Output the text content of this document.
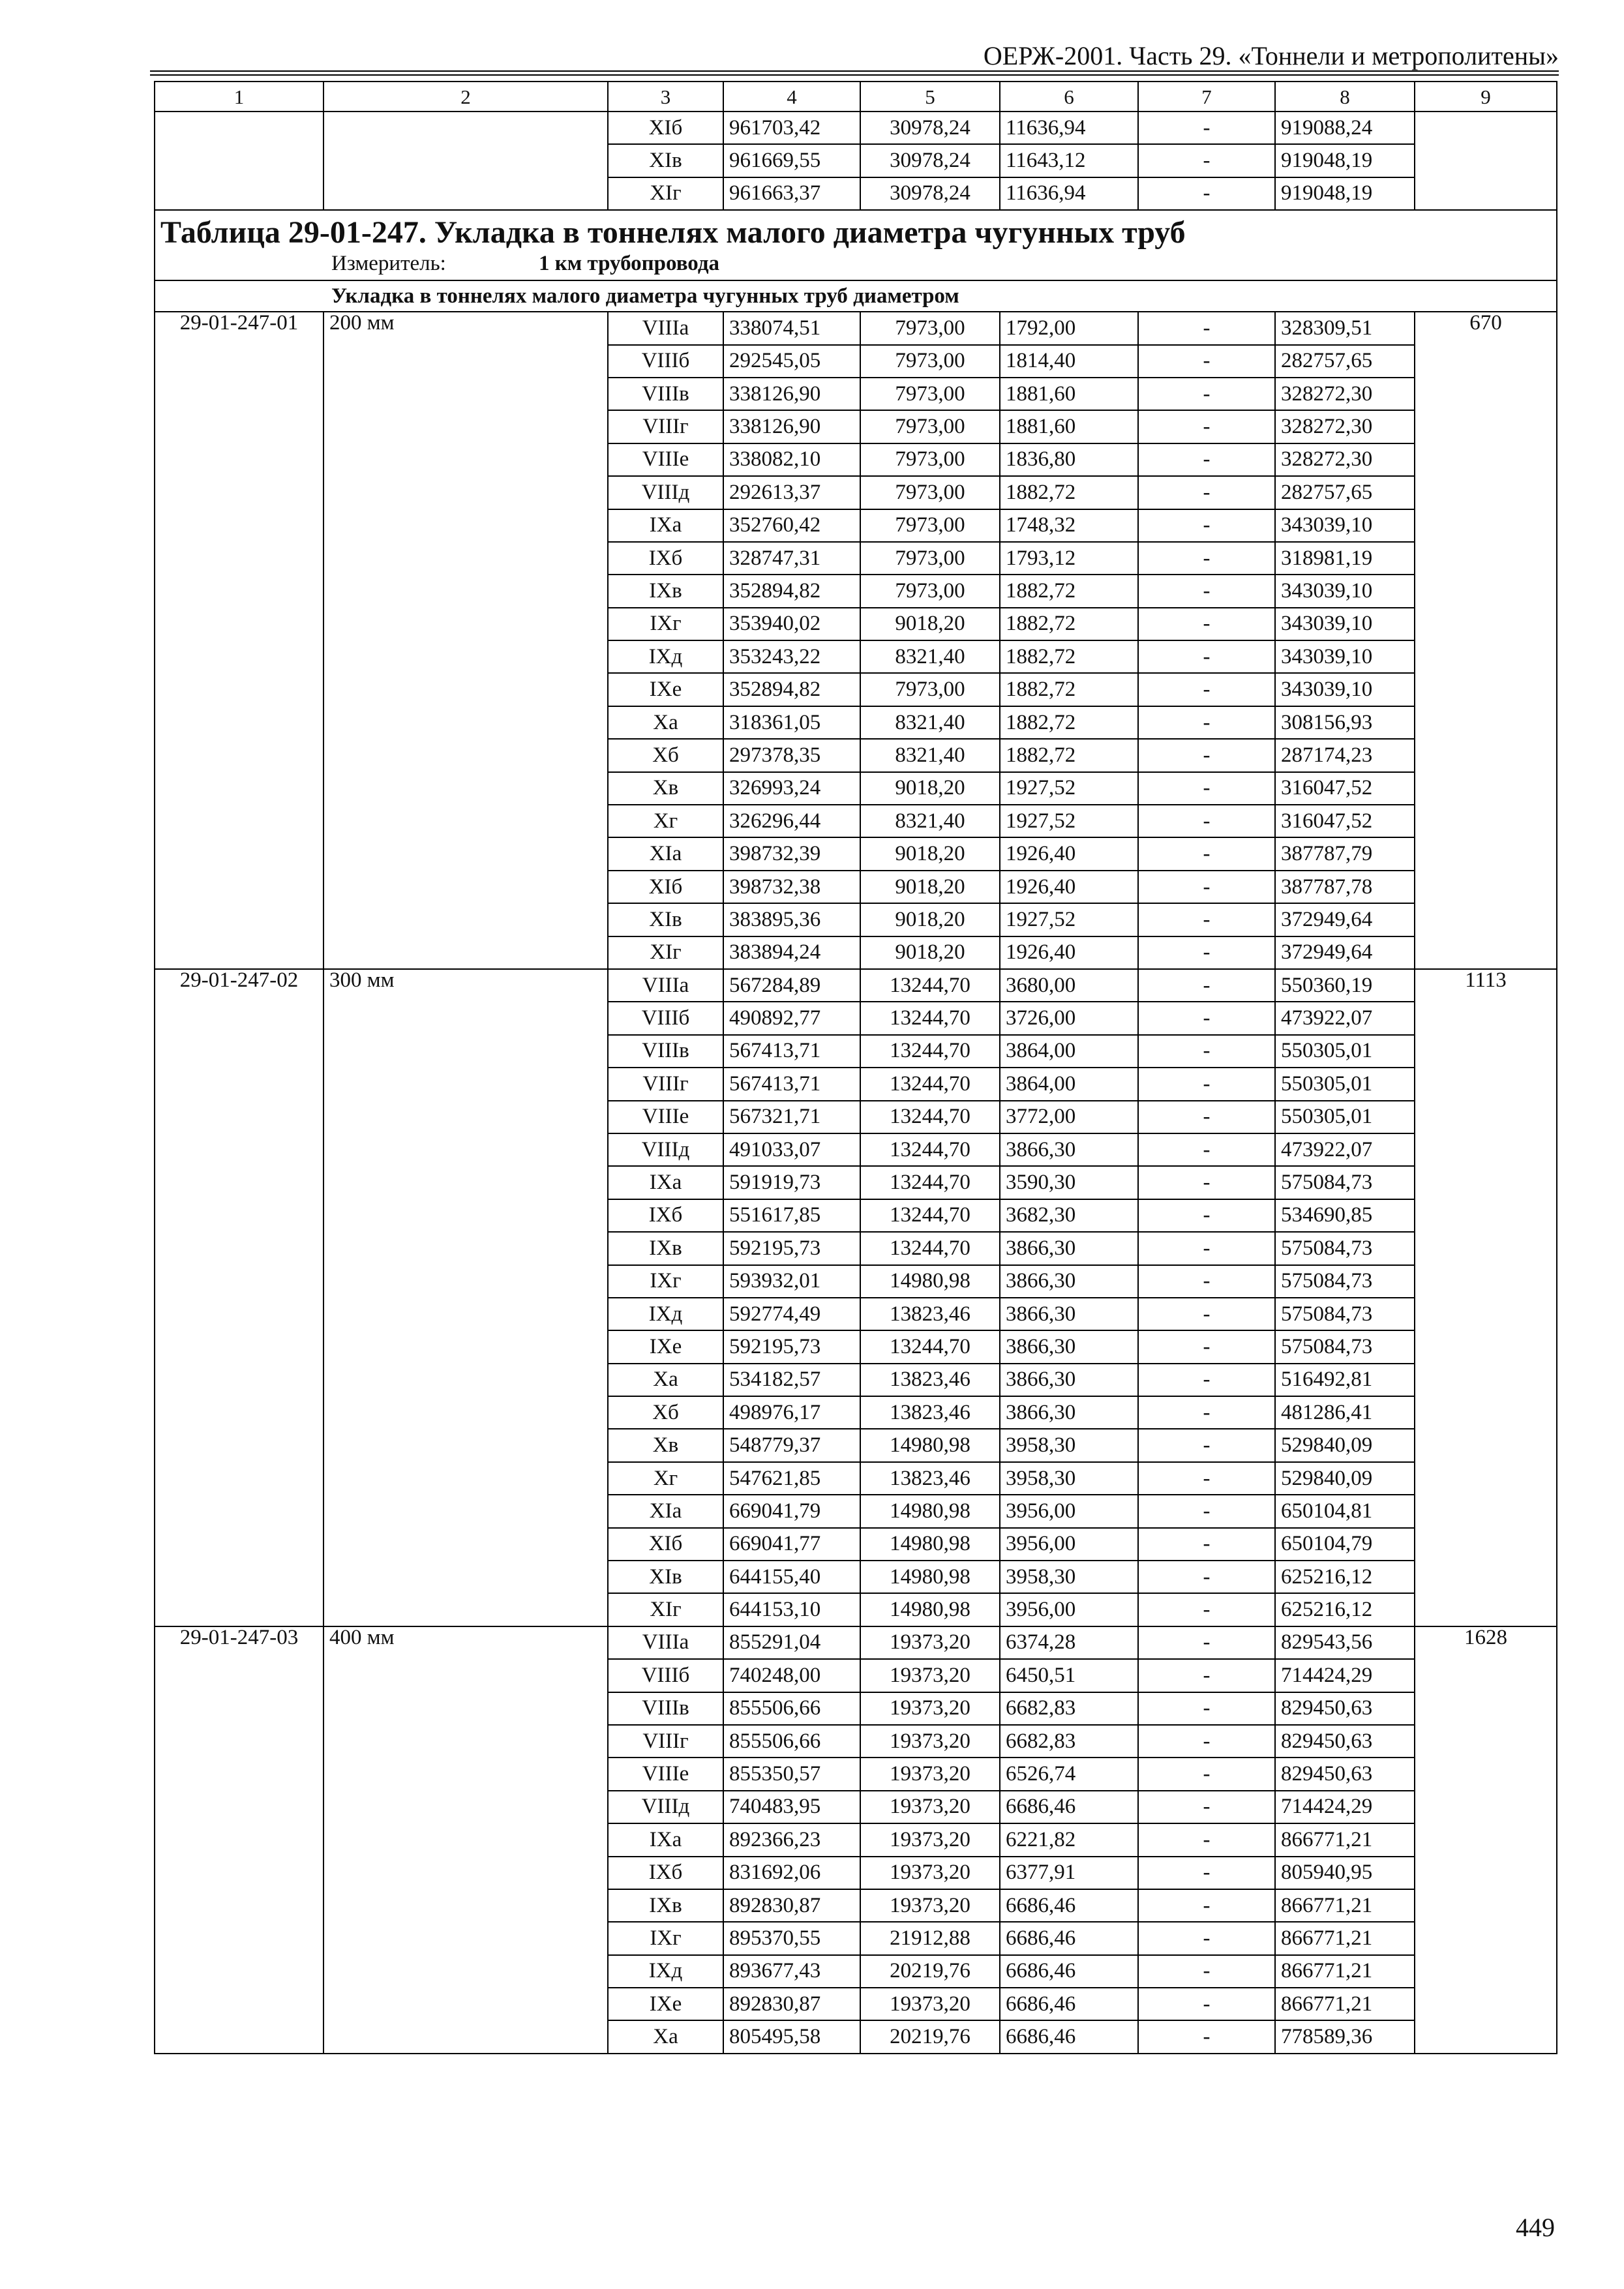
ОЕРЖ-2001. Часть 29. «Тоннели и метрополитены»
1	2	3	4	5	6	7	8	9
		XIб	961703,42	30978,24	11636,94	-	919088,24	
		XIв	961669,55	30978,24	11643,12	-	919048,19	
		XIг	961663,37	30978,24	11636,94	-	919048,19	

Таблица 29-01-247. Укладка в тоннелях малого диаметра чугунных труб
Измеритель: 1 км трубопровода								

Укладка в тоннелях малого диаметра чугунных труб диаметром								
29-01-247-01	200 мм	VIIIа	338074,51	7973,00	1792,00	-	328309,51	670
		VIIIб	292545,05	7973,00	1814,40	-	282757,65	
		VIIIв	338126,90	7973,00	1881,60	-	328272,30	
		VIIIг	338126,90	7973,00	1881,60	-	328272,30	
		VIIIе	338082,10	7973,00	1836,80	-	328272,30	
		VIIIд	292613,37	7973,00	1882,72	-	282757,65	
		IXа	352760,42	7973,00	1748,32	-	343039,10	
		IXб	328747,31	7973,00	1793,12	-	318981,19	
		IXв	352894,82	7973,00	1882,72	-	343039,10	
		IXг	353940,02	9018,20	1882,72	-	343039,10	
		IXд	353243,22	8321,40	1882,72	-	343039,10	
		IXе	352894,82	7973,00	1882,72	-	343039,10	
		Xа	318361,05	8321,40	1882,72	-	308156,93	
		Xб	297378,35	8321,40	1882,72	-	287174,23	
		Xв	326993,24	9018,20	1927,52	-	316047,52	
		Xг	326296,44	8321,40	1927,52	-	316047,52	
		XIа	398732,39	9018,20	1926,40	-	387787,79	
		XIб	398732,38	9018,20	1926,40	-	387787,78	
		XIв	383895,36	9018,20	1927,52	-	372949,64	
		XIг	383894,24	9018,20	1926,40	-	372949,64	
29-01-247-02	300 мм	VIIIа	567284,89	13244,70	3680,00	-	550360,19	1113
		VIIIб	490892,77	13244,70	3726,00	-	473922,07	
		VIIIв	567413,71	13244,70	3864,00	-	550305,01	
		VIIIг	567413,71	13244,70	3864,00	-	550305,01	
		VIIIе	567321,71	13244,70	3772,00	-	550305,01	
		VIIIд	491033,07	13244,70	3866,30	-	473922,07	
		IXа	591919,73	13244,70	3590,30	-	575084,73	
		IXб	551617,85	13244,70	3682,30	-	534690,85	
		IXв	592195,73	13244,70	3866,30	-	575084,73	
		IXг	593932,01	14980,98	3866,30	-	575084,73	
		IXд	592774,49	13823,46	3866,30	-	575084,73	
		IXе	592195,73	13244,70	3866,30	-	575084,73	
		Xа	534182,57	13823,46	3866,30	-	516492,81	
		Xб	498976,17	13823,46	3866,30	-	481286,41	
		Xв	548779,37	14980,98	3958,30	-	529840,09	
		Xг	547621,85	13823,46	3958,30	-	529840,09	
		XIа	669041,79	14980,98	3956,00	-	650104,81	
		XIб	669041,77	14980,98	3956,00	-	650104,79	
		XIв	644155,40	14980,98	3958,30	-	625216,12	
		XIг	644153,10	14980,98	3956,00	-	625216,12	
29-01-247-03	400 мм	VIIIа	855291,04	19373,20	6374,28	-	829543,56	1628
		VIIIб	740248,00	19373,20	6450,51	-	714424,29	
		VIIIв	855506,66	19373,20	6682,83	-	829450,63	
		VIIIг	855506,66	19373,20	6682,83	-	829450,63	
		VIIIе	855350,57	19373,20	6526,74	-	829450,63	
		VIIIд	740483,95	19373,20	6686,46	-	714424,29	
		IXа	892366,23	19373,20	6221,82	-	866771,21	
		IXб	831692,06	19373,20	6377,91	-	805940,95	
		IXв	892830,87	19373,20	6686,46	-	866771,21	
		IXг	895370,55	21912,88	6686,46	-	866771,21	
		IXд	893677,43	20219,76	6686,46	-	866771,21	
		IXе	892830,87	19373,20	6686,46	-	866771,21	
		Xа	805495,58	20219,76	6686,46	-	778589,36	
449
